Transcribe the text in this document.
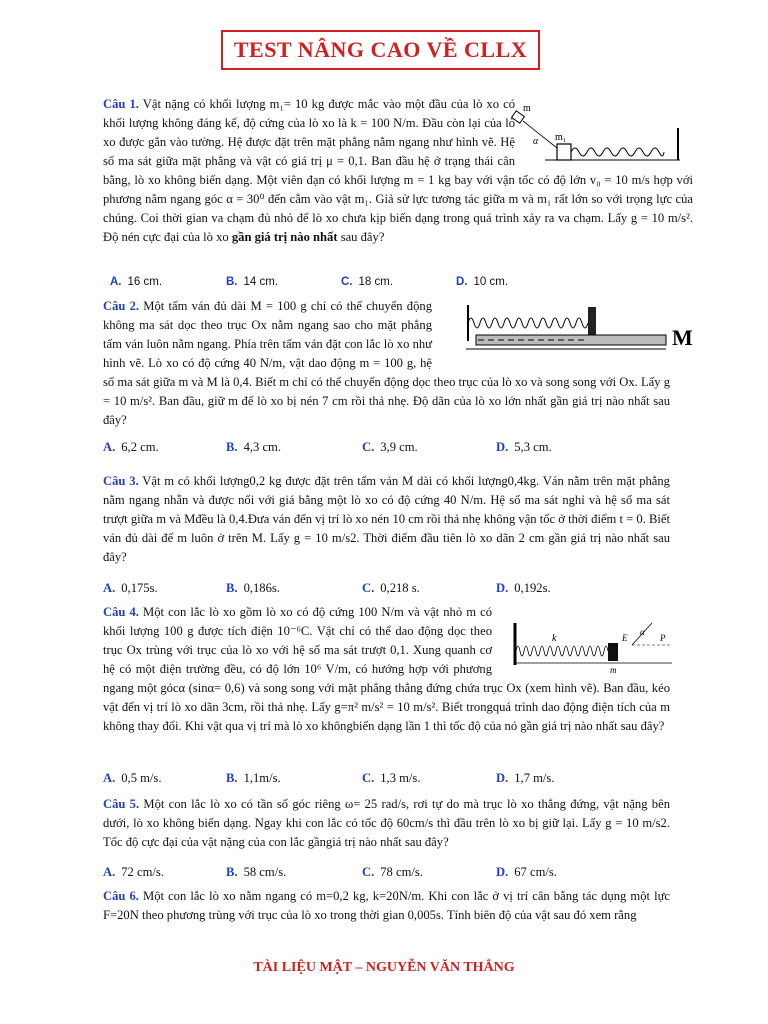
TEST NÂNG CAO VỀ CLLX

Câu 1. Vật nặng có khối lượng m₁= 10 kg được mắc vào một đầu của lò xo có khối lượng không đáng kể, độ cứng của lò xo là k = 100 N/m. Đầu còn lại của lò xo được gắn vào tường. Hệ được đặt trên mặt phẳng nằm ngang như hình vẽ. Hệ số ma sát giữa mặt phẳng và vật có giá trị μ = 0,1. Ban đầu hệ ở trạng thái cân bằng, lò xo không biến dạng. Một viên đạn có khối lượng m = 1 kg bay với vận tốc có độ lớn v₀ = 10 m/s hợp với phương nằm ngang góc α = 30⁰ đến cắm vào vật m₁. Giả sử lực tương tác giữa m và m₁ rất lớn so với trọng lực của chúng. Coi thời gian va chạm đủ nhỏ để lò xo chưa kịp biến dạng trong quá trình xảy ra va chạm. Lấy g = 10 m/s². Độ nén cực đại của lò xo gần giá trị nào nhất sau đây?

m
α m₁
A. 16 cm.	B. 14 cm.	C. 18 cm.	D. 10 cm.

Câu 2. Một tấm ván đủ dài M = 100 g chỉ có thể chuyển động không ma sát dọc theo trục Ox nằm ngang sao cho mặt phẳng tấm ván luôn nằm ngang. Phía trên tấm ván đặt con lắc lò xo như hình vẽ. Lò xo có độ cứng 40 N/m, vật dao động m = 100 g, hệ số ma sát giữa m và M là 0,4. Biết m chỉ có thể chuyển động dọc theo trục của lò xo và song song với Ox. Lấy g = 10 m/s². Ban đầu, giữ m để lò xo bị nén 7 cm rồi thả nhẹ. Độ dãn của lò xo lớn nhất gần giá trị nào nhất sau đây?

M
A. 6,2 cm.	B. 4,3 cm.	C. 3,9 cm.	D. 5,3 cm.

Câu 3. Vật m có khối lượng0,2 kg được đặt trên tấm ván M dài có khối lượng0,4kg. Ván nằm trên mặt phẳng nằm ngang nhẵn và được nối với giá bằng một lò xo có độ cứng 40 N/m. Hệ số ma sát nghỉ và hệ số ma sát trượt giữa m và Mđều là 0,4.Đưa ván đến vị trí lò xo nén 10 cm rồi thả nhẹ không vận tốc ở thời điểm t = 0. Biết ván đủ dài để m luôn ở trên M. Lấy g = 10 m/s2. Thời điểm đầu tiên lò xo dãn 2 cm gần giá trị nào nhất sau đây?

A. 0,175s.	B. 0,186s.	C. 0,218 s.	D. 0,192s.

Câu 4. Một con lắc lò xo gồm lò xo có độ cứng 100 N/m và vật nhỏ m có khối lượng 100 g được tích điện 10⁻⁶C. Vật chỉ có thể dao động dọc theo trục Ox trùng với trục của lò xo với hệ số ma sát trượt 0,1. Xung quanh cơ hệ có một điện trường đều, có độ lớn 10⁶ V/m, có hướng hợp với phương ngang một gócα (sinα= 0,6) và song song với mặt phẳng thẳng đứng chứa trục Ox (xem hình vẽ). Ban đầu, kéo vật đến vị trí lò xo dãn 3cm, rồi thả nhẹ. Lấy g=π² m/s² = 10 m/s². Biết trongquá trình dao động điện tích của m không thay đổi. Khi vật qua vị trí mà lò xo khôngbiến dạng lần 1 thì tốc độ của nó gần giá trị nào nhất sau đây?

k
m
E
α
P
A. 0,5 m/s.	B. 1,1m/s.	C. 1,3 m/s.	D. 1,7 m/s.

Câu 5. Một con lắc lò xo có tần số góc riêng ω= 25 rad/s, rơi tự do mà trục lò xo thẳng đứng, vật nặng bên dưới, lò xo không biến dạng. Ngay khi con lắc có tốc độ 60cm/s thì đầu trên lò xo bị giữ lại. Lấy g = 10 m/s2. Tốc độ cực đại của vật nặng của con lắc gầngiá trị nào nhất sau đây?

A. 72 cm/s.	B. 58 cm/s.	C. 78 cm/s.	D. 67 cm/s.

Câu 6. Một con lắc lò xo nằm ngang có m=0,2 kg, k=20N/m. Khi con lắc ở vị trí cân bằng tác dụng một lực F=20N theo phương trùng với trục của lò xo trong thời gian 0,005s. Tính biên độ của vật sau đó xem rằng

TÀI LIỆU MẬT – NGUYỄN VĂN THẮNG
